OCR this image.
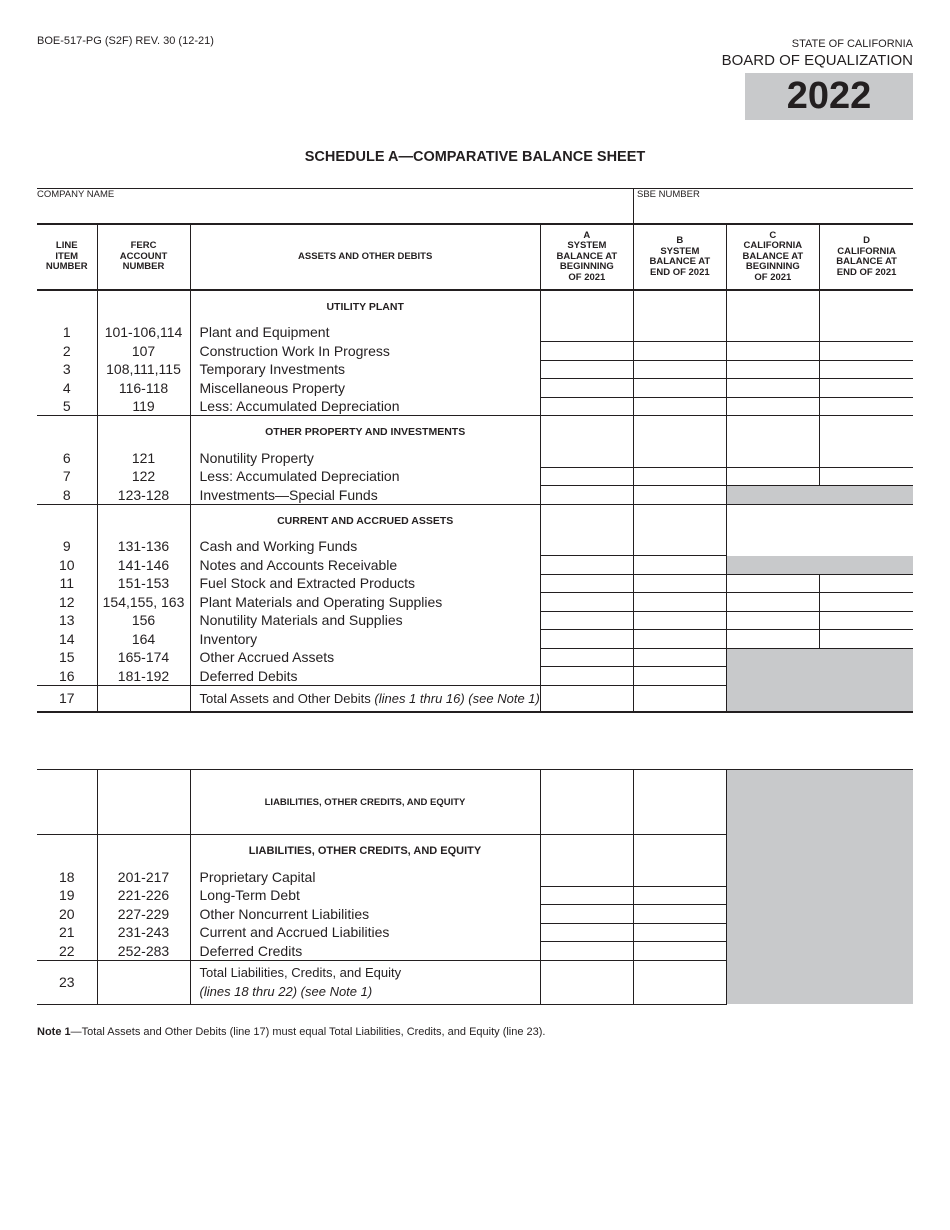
BOE-517-PG (S2F) REV. 30 (12-21)	STATE OF CALIFORNIA
BOARD OF EQUALIZATION
2022
SCHEDULE A—COMPARATIVE BALANCE SHEET
COMPANY NAME	SBE NUMBER
LINE
ITEM
NUMBER	FERC
ACCOUNT
NUMBER	ASSETS AND OTHER DEBITS	A
SYSTEM
BALANCE AT
BEGINNING
OF 2021	B
SYSTEM
BALANCE AT
END OF 2021	C
CALIFORNIA
BALANCE AT
BEGINNING
OF 2021	D
CALIFORNIA
BALANCE AT
END OF 2021
		UTILITY PLANT				
1	101-106,114	Plant and Equipment				
2	107	Construction Work In Progress				
3	108,111,115	Temporary Investments				
4	116-118	Miscellaneous Property				
5	119	Less: Accumulated Depreciation				
		OTHER PROPERTY AND INVESTMENTS				
6	121	Nonutility Property				
7	122	Less: Accumulated Depreciation				
8	123-128	Investments—Special Funds				
		CURRENT AND ACCRUED ASSETS				
9	131-136	Cash and Working Funds				
10	141-146	Notes and Accounts Receivable				
11	151-153	Fuel Stock and Extracted Products				
12	154,155, 163	Plant Materials and Operating Supplies				
13	156	Nonutility Materials and Supplies				
14	164	Inventory				
15	165-174	Other Accrued Assets				
16	181-192	Deferred Debits				
17		Total Assets and Other Debits (lines 1 thru 16) (see Note 1)				
		LIABILITIES, OTHER CREDITS, AND EQUITY			
		LIABILITIES, OTHER CREDITS, AND EQUITY			
18	201-217	Proprietary Capital			
19	221-226	Long-Term Debt			
20	227-229	Other Noncurrent Liabilities			
21	231-243	Current and Accrued Liabilities			
22	252-283	Deferred Credits			
23		Total Liabilities, Credits, and Equity
(lines 18 thru 22) (see Note 1)			
Note 1—Total Assets and Other Debits (line 17) must equal Total Liabilities, Credits, and Equity (line 23).
